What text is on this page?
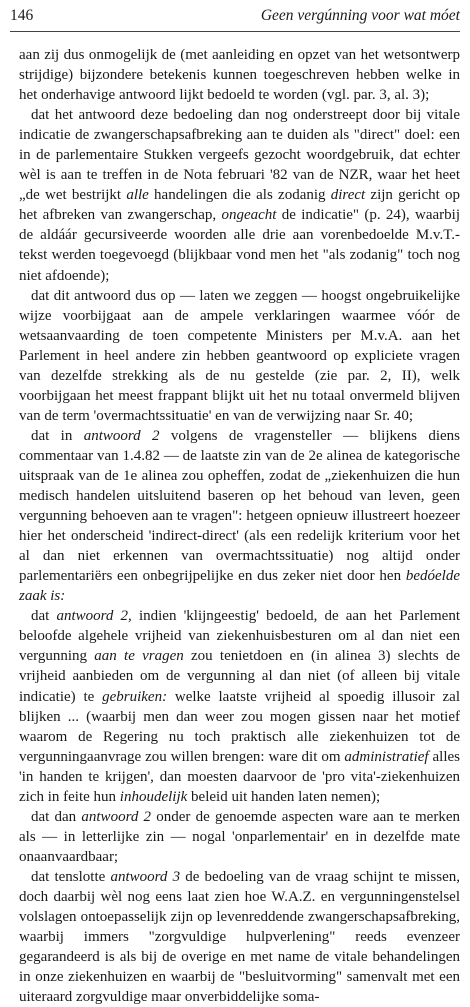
146	Geen vergúnning voor wat móet

aan zij dus onmogelijk de (met aanleiding en opzet van het wetsontwerp strijdige) bijzondere betekenis kunnen toegeschreven hebben welke in het onderhavige antwoord lijkt bedoeld te worden (vgl. par. 3, al. 3);

dat het antwoord deze bedoeling dan nog onderstreept door bij vitale indicatie de zwangerschapsafbreking aan te duiden als "direct" doel: een in de parlementaire Stukken vergeefs gezocht woordgebruik, dat echter wèl is aan te treffen in de Nota februari '82 van de NZR, waar het heet „de wet bestrijkt alle handelingen die als zodanig direct zijn gericht op het afbreken van zwangerschap, ongeacht de indicatie" (p. 24), waarbij de aldáár gecursiveerde woorden alle drie aan vorenbedoelde M.v.T.-tekst werden toegevoegd (blijkbaar vond men het "als zodanig" toch nog niet afdoende);

dat dit antwoord dus op — laten we zeggen — hoogst ongebruikelijke wijze voorbijgaat aan de ampele verklaringen waarmee vóór de wetsaanvaarding de toen competente Ministers per M.v.A. aan het Parlement in heel andere zin hebben geantwoord op expliciete vragen van dezelfde strekking als de nu gestelde (zie par. 2, II), welk voorbijgaan het meest frappant blijkt uit het nu totaal onvermeld blijven van de term 'overmachtssituatie' en van de verwijzing naar Sr. 40;

dat in antwoord 2 volgens de vragensteller — blijkens diens commentaar van 1.4.82 — de laatste zin van de 2e alinea de kategorische uitspraak van de 1e alinea zou opheffen, zodat de „ziekenhuizen die hun medisch handelen uitsluitend baseren op het behoud van leven, geen vergunning behoeven aan te vragen": hetgeen opnieuw illustreert hoezeer hier het onderscheid 'indirect-direct' (als een redelijk kriterium voor het al dan niet erkennen van overmachtssituatie) nog altijd onder parlementariërs een onbegrijpelijke en dus zeker niet door hen bedóelde zaak is:

dat antwoord 2, indien 'klijngeestig' bedoeld, de aan het Parlement beloofde algehele vrijheid van ziekenhuisbesturen om al dan niet een vergunning aan te vragen zou tenietdoen en (in alinea 3) slechts de vrijheid aanbieden om de vergunning al dan niet (of alleen bij vitale indicatie) te gebruiken: welke laatste vrijheid al spoedig illusoir zal blijken ... (waarbij men dan weer zou mogen gissen naar het motief waarom de Regering nu toch praktisch alle ziekenhuizen tot de vergunningaanvrage zou willen brengen: ware dit om administratief alles 'in handen te krijgen', dan moesten daarvoor de 'pro vita'-ziekenhuizen zich in feite hun inhoudelijk beleid uit handen laten nemen);

dat dan antwoord 2 onder de genoemde aspecten ware aan te merken als — in letterlijke zin — nogal 'onparlementair' en in dezelfde mate onaanvaardbaar;

dat tenslotte antwoord 3 de bedoeling van de vraag schijnt te missen, doch daarbij wèl nog eens laat zien hoe W.A.Z. en vergunningenstelsel volslagen ontoepasselijk zijn op levenreddende zwangerschapsafbreking, waarbij immers "zorgvuldige hulpverlening" reeds evenzeer gegarandeerd is als bij de overige en met name de vitale behandelingen in onze ziekenhuizen en waarbij de "besluitvorming" samenvalt met een uiteraard zorgvuldige maar onverbiddelijke soma-
